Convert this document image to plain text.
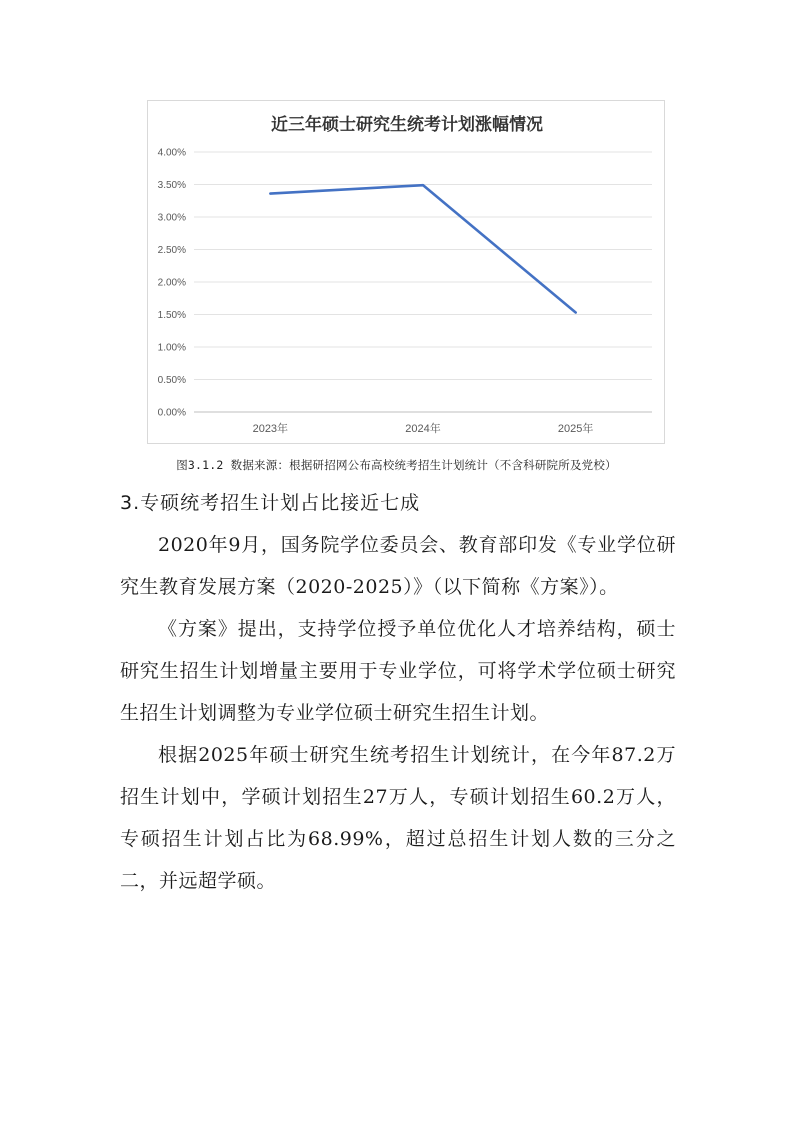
近三年硕士研究生统考计划涨幅情况
0.00%
0.50%
1.00%
1.50%
2.00%
2.50%
3.00%
3.50%
4.00%
2023年	2024年	2025年
图3.1.2 数据来源：根据研招网公布高校统考招生计划统计（不含科研院所及党校）
3.专硕统考招生计划占比接近七成

2020年9月，国务院学位委员会、教育部印发《专业学位研究生教育发展方案（2020-2025）》（以下简称《方案》）。

《方案》提出，支持学位授予单位优化人才培养结构，硕士研究生招生计划增量主要用于专业学位，可将学术学位硕士研究生招生计划调整为专业学位硕士研究生招生计划。

根据2025年硕士研究生统考招生计划统计，在今年87.2万招生计划中，学硕计划招生27万人，专硕计划招生60.2万人，专硕招生计划占比为68.99%，超过总招生计划人数的三分之二，并远超学硕。
